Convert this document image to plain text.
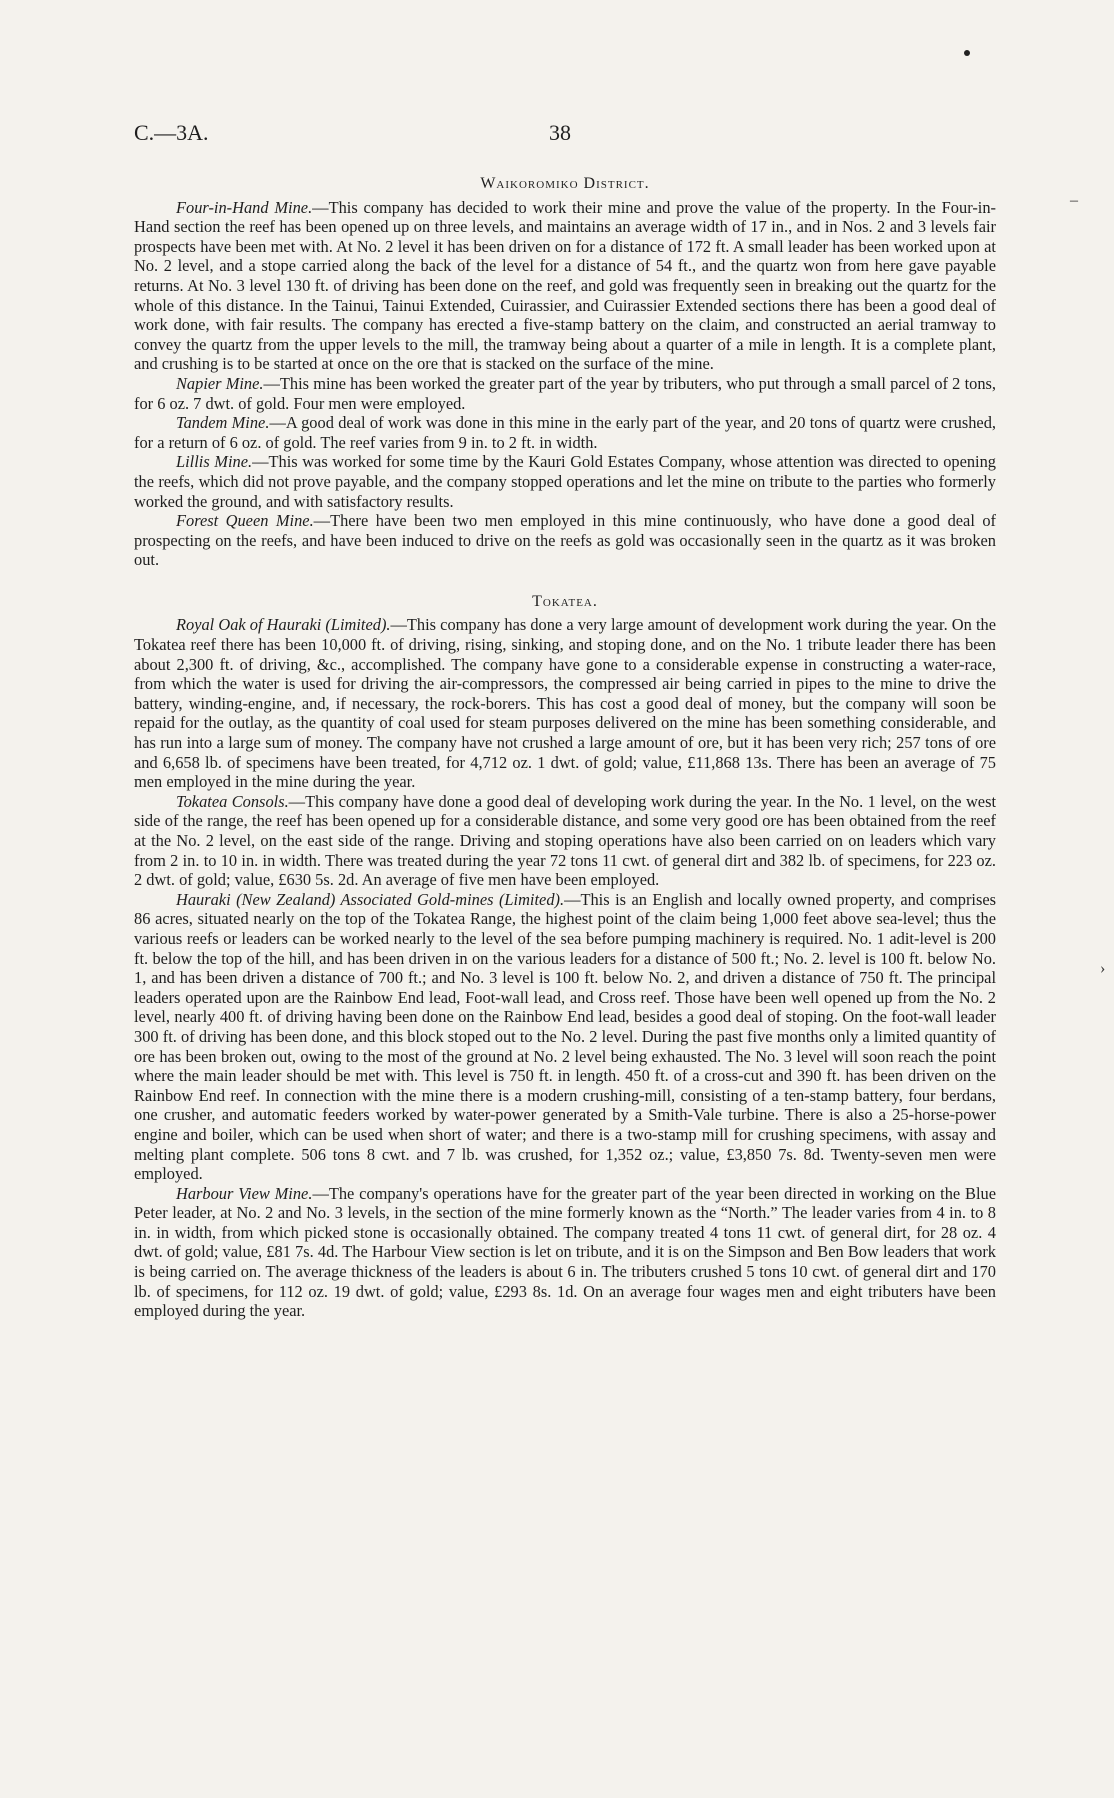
C.—3A.	38
–
›
Waikoromiko District.

Four-in-Hand Mine.—This company has decided to work their mine and prove the value of the property. In the Four-in-Hand section the reef has been opened up on three levels, and maintains an average width of 17 in., and in Nos. 2 and 3 levels fair prospects have been met with. At No. 2 level it has been driven on for a distance of 172 ft. A small leader has been worked upon at No. 2 level, and a stope carried along the back of the level for a distance of 54 ft., and the quartz won from here gave payable returns. At No. 3 level 130 ft. of driving has been done on the reef, and gold was frequently seen in breaking out the quartz for the whole of this distance. In the Tainui, Tainui Extended, Cuirassier, and Cuirassier Extended sections there has been a good deal of work done, with fair results. The company has erected a five-stamp battery on the claim, and constructed an aerial tramway to convey the quartz from the upper levels to the mill, the tramway being about a quarter of a mile in length. It is a complete plant, and crushing is to be started at once on the ore that is stacked on the surface of the mine.

Napier Mine.—This mine has been worked the greater part of the year by tributers, who put through a small parcel of 2 tons, for 6 oz. 7 dwt. of gold. Four men were employed.

Tandem Mine.—A good deal of work was done in this mine in the early part of the year, and 20 tons of quartz were crushed, for a return of 6 oz. of gold. The reef varies from 9 in. to 2 ft. in width.

Lillis Mine.—This was worked for some time by the Kauri Gold Estates Company, whose attention was directed to opening the reefs, which did not prove payable, and the company stopped operations and let the mine on tribute to the parties who formerly worked the ground, and with satisfactory results.

Forest Queen Mine.—There have been two men employed in this mine continuously, who have done a good deal of prospecting on the reefs, and have been induced to drive on the reefs as gold was occasionally seen in the quartz as it was broken out.

Tokatea.

Royal Oak of Hauraki (Limited).—This company has done a very large amount of development work during the year. On the Tokatea reef there has been 10,000 ft. of driving, rising, sinking, and stoping done, and on the No. 1 tribute leader there has been about 2,300 ft. of driving, &c., accomplished. The company have gone to a considerable expense in constructing a water-race, from which the water is used for driving the air-compressors, the compressed air being carried in pipes to the mine to drive the battery, winding-engine, and, if necessary, the rock-borers. This has cost a good deal of money, but the company will soon be repaid for the outlay, as the quantity of coal used for steam purposes delivered on the mine has been something considerable, and has run into a large sum of money. The company have not crushed a large amount of ore, but it has been very rich; 257 tons of ore and 6,658 lb. of specimens have been treated, for 4,712 oz. 1 dwt. of gold; value, £11,868 13s. There has been an average of 75 men employed in the mine during the year.

Tokatea Consols.—This company have done a good deal of developing work during the year. In the No. 1 level, on the west side of the range, the reef has been opened up for a considerable distance, and some very good ore has been obtained from the reef at the No. 2 level, on the east side of the range. Driving and stoping operations have also been carried on on leaders which vary from 2 in. to 10 in. in width. There was treated during the year 72 tons 11 cwt. of general dirt and 382 lb. of specimens, for 223 oz. 2 dwt. of gold; value, £630 5s. 2d. An average of five men have been employed.

Hauraki (New Zealand) Associated Gold-mines (Limited).—This is an English and locally owned property, and comprises 86 acres, situated nearly on the top of the Tokatea Range, the highest point of the claim being 1,000 feet above sea-level; thus the various reefs or leaders can be worked nearly to the level of the sea before pumping machinery is required. No. 1 adit-level is 200 ft. below the top of the hill, and has been driven in on the various leaders for a distance of 500 ft.; No. 2. level is 100 ft. below No. 1, and has been driven a distance of 700 ft.; and No. 3 level is 100 ft. below No. 2, and driven a distance of 750 ft. The principal leaders operated upon are the Rainbow End lead, Foot-wall lead, and Cross reef. Those have been well opened up from the No. 2 level, nearly 400 ft. of driving having been done on the Rainbow End lead, besides a good deal of stoping. On the foot-wall leader 300 ft. of driving has been done, and this block stoped out to the No. 2 level. During the past five months only a limited quantity of ore has been broken out, owing to the most of the ground at No. 2 level being exhausted. The No. 3 level will soon reach the point where the main leader should be met with. This level is 750 ft. in length. 450 ft. of a cross-cut and 390 ft. has been driven on the Rainbow End reef. In connection with the mine there is a modern crushing-mill, consisting of a ten-stamp battery, four berdans, one crusher, and automatic feeders worked by water-power generated by a Smith-Vale turbine. There is also a 25-horse-power engine and boiler, which can be used when short of water; and there is a two-stamp mill for crushing specimens, with assay and melting plant complete. 506 tons 8 cwt. and 7 lb. was crushed, for 1,352 oz.; value, £3,850 7s. 8d. Twenty-seven men were employed.

Harbour View Mine.—The company's operations have for the greater part of the year been directed in working on the Blue Peter leader, at No. 2 and No. 3 levels, in the section of the mine formerly known as the “North.” The leader varies from 4 in. to 8 in. in width, from which picked stone is occasionally obtained. The company treated 4 tons 11 cwt. of general dirt, for 28 oz. 4 dwt. of gold; value, £81 7s. 4d. The Harbour View section is let on tribute, and it is on the Simpson and Ben Bow leaders that work is being carried on. The average thickness of the leaders is about 6 in. The tributers crushed 5 tons 10 cwt. of general dirt and 170 lb. of specimens, for 112 oz. 19 dwt. of gold; value, £293 8s. 1d. On an average four wages men and eight tributers have been employed during the year.
